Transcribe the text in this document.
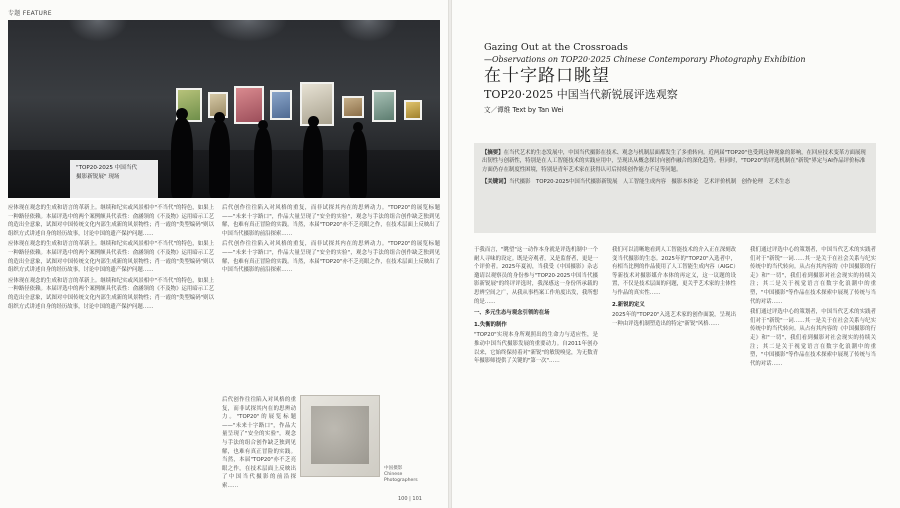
专题 FEATURE
"TOP20·2025 中国当代
摄影新锐展" 现场

应体现在观念的生成和语言的革新上。继续和纪实或风景相中"不当代"的特色，如果上一种路径依赖。本届评选中的两个案例颇具代表性：俞涵领的《不及物》运用暗示工艺的造出全意象，试图对中国传统文化内部生成新的风景物性；肖一霞的"类型编码"则以组织方式讲述自身的经历故事，讨论中国的遗产保护问题……

应体现在观念的生成和语言的革新上。继续和纪实或风景相中"不当代"的特色，如果上一种路径依赖。本届评选中的两个案例颇具代表性：俞涵领的《不及物》运用暗示工艺的造出全意象，试图对中国传统文化内部生成新的风景物性；肖一霞的"类型编码"则以组织方式讲述自身的经历故事，讨论中国的遗产保护问题……

应体现在观念的生成和语言的革新上。继续和纪实或风景相中"不当代"的特色，如果上一种路径依赖。本届评选中的两个案例颇具代表性：俞涵领的《不及物》运用暗示工艺的造出全意象，试图对中国传统文化内部生成新的风景物性；肖一霞的"类型编码"则以组织方式讲述自身的经历故事，讨论中国的遗产保护问题……

后代创作往往陷入对风格的重复，而非试探其内在的思辨动力。"TOP20"的展览标题——"未来十字路口"，作品大量呈现了"安全的实验"，观念与手法的组合创作缺乏独到见解，也难有真正冒险的实践。当然，本届"TOP20"亦不乏亮眼之作，在技术层面上反映出了中国当代摄影的前沿探索……

后代创作往往陷入对风格的重复，而非试探其内在的思辨动力。"TOP20"的展览标题——"未来十字路口"，作品大量呈现了"安全的实验"，观念与手法的组合创作缺乏独到见解，也难有真正冒险的实践。当然，本届"TOP20"亦不乏亮眼之作，在技术层面上反映出了中国当代摄影的前沿探索……

后代创作往往陷入对风格的重复，而非试探其内在的思辨动力。"TOP20"的展览标题——"未来十字路口"，作品大量呈现了"安全的实验"，观念与手法的组合创作缺乏独到见解，也难有真正冒险的实践。当然，本届"TOP20"亦不乏亮眼之作，在技术层面上反映出了中国当代摄影的前沿探索……

中国摄影
Chinese
Photographers
100 | 101
Gazing Out at the Crossroads
—Observations on TOP20·2025 Chinese Contemporary Photography Exhibition
在十字路口眺望
TOP20·2025 中国当代新锐展评选观察
文／谭维 Text by Tan Wei
【摘要】在当代艺术的生态发展中，中国当代摄影在技术、观念与机制层面都发生了多重转向。近两届"TOP20"也受到这种现象的影响，在回应技术变革方面展现出韧性与创新性，特别是在人工智能技术的实践应用中，呈现出从概念探讨向创作融合的深化趋势。但同时，"TOP20"的评选机制在"新锐"界定与AI作品评价标准方面仍存在制度性困境，特别是青年艺术家在获得认可后持续创作能力不足等问题。
【关键词】当代摄影　TOP20·2025中国当代摄影新锐展　人工智能生成内容　摄影本体论　艺术评价机制　创作伦理　艺术生态

于我而言，"眺望"这一动作本身就是评选机制中一个耐人寻味的设定。既是旁观者，又是监督者，更是一个评价者。2025年夏初，当我受《中国摄影》杂志邀请以观察员的身份参与"TOP20·2025中国当代摄影新锐展"的终评评选时，我深感这一身份所承载的思辨空间之广，从我从事档案工作角度出发，我所想的是……

一、多元生态与观念引领的在场
1.失衡的制作

"TOP20"实现本身所观照出的生命力与适应性，是推动中国当代摄影发展的重要动力。自2011年创办以来，它始终保持着对"新锐"的敏锐嗅觉，为无数青年摄影师提供了关键的"第一次"……

我们可以清晰地看到人工智能技术的介入正在深刻改变当代摄影的生态。2025年的"TOP20"入选者中，有相当比例的作品使用了人工智能生成内容（AIGC）等新技术对摄影媒介本体的再定义，这一议题的设置，不仅是技术层面的问题，更关乎艺术家的主体性与作品的真实性……

2.新锐的定义

2025年的"TOP20"入选艺术家的创作面貌，呈现出一种由评选机制塑造出的特定"新锐"风格……

我们通过评选中心的策划者，中国当代艺术的实践者们对于"新锐"一词……其一是关于在社会关系与纪实传统中的当代转向。从占有其内容的《中国摄影的行走》和"一切"，我们看到摄影对社会现实的持续关注；其二是关于视觉语言在数字化浪潮中的重塑，"中国摄影"等作品在技术探索中展现了传统与当代的对话……

我们通过评选中心的策划者，中国当代艺术的实践者们对于"新锐"一词……其一是关于在社会关系与纪实传统中的当代转向。从占有其内容的《中国摄影的行走》和"一切"，我们看到摄影对社会现实的持续关注；其二是关于视觉语言在数字化浪潮中的重塑，"中国摄影"等作品在技术探索中展现了传统与当代的对话……
